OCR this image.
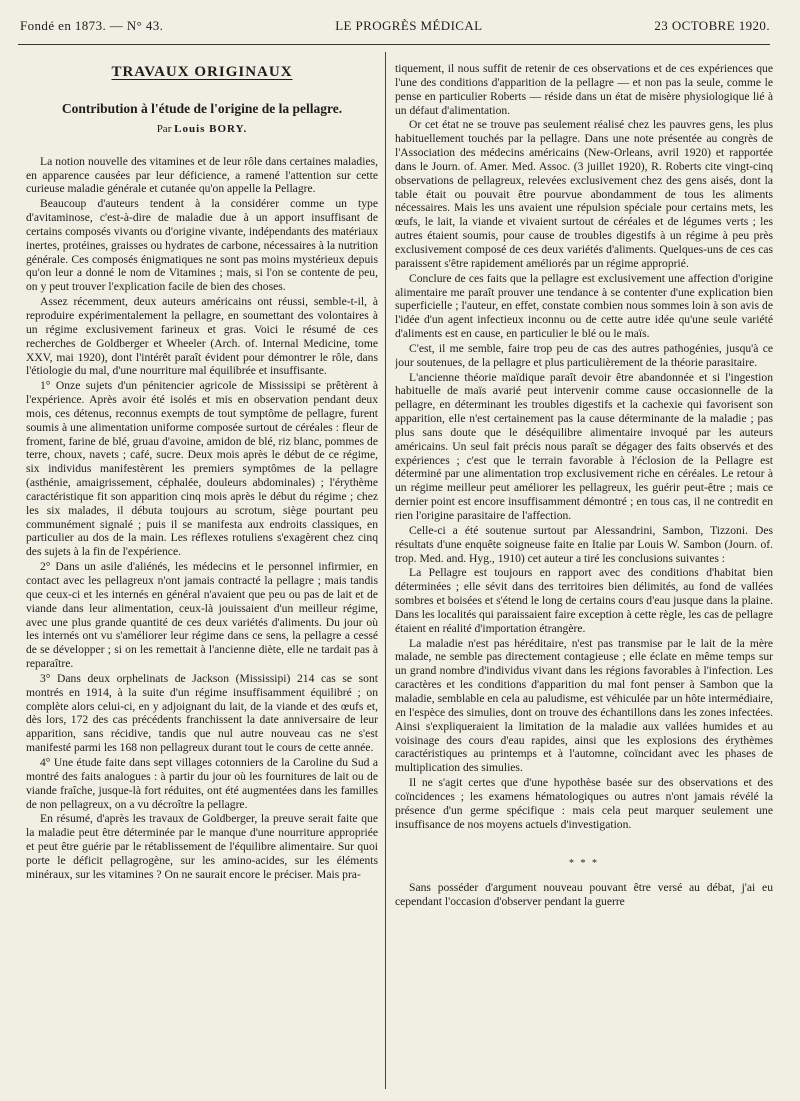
Fondé en 1873. — N° 43.	LE PROGRÈS MÉDICAL	23 OCTOBRE 1920.
TRAVAUX ORIGINAUX
Contribution à l'étude de l'origine de la pellagre.
Par Louis BORY.

La notion nouvelle des vitamines et de leur rôle dans certaines maladies, en apparence causées par leur déficience, a ramené l'attention sur cette curieuse maladie générale et cutanée qu'on appelle la Pellagre.

Beaucoup d'auteurs tendent à la considérer comme un type d'avitaminose, c'est-à-dire de maladie due à un apport insuffisant de certains composés vivants ou d'origine vivante, indépendants des matériaux inertes, protéines, graisses ou hydrates de carbone, nécessaires à la nutrition générale. Ces composés énigmatiques ne sont pas moins mystérieux depuis qu'on leur a donné le nom de Vitamines ; mais, si l'on se contente de peu, on y peut trouver l'explication facile de bien des choses.

Assez récemment, deux auteurs américains ont réussi, semble-t-il, à reproduire expérimentalement la pellagre, en soumettant des volontaires à un régime exclusivement farineux et gras. Voici le résumé de ces recherches de Goldberger et Wheeler (Arch. of. Internal Medicine, tome XXV, mai 1920), dont l'intérêt paraît évident pour démontrer le rôle, dans l'étiologie du mal, d'une nourriture mal équilibrée et insuffisante.

1° Onze sujets d'un pénitencier agricole de Mississipi se prêtèrent à l'expérience. Après avoir été isolés et mis en observation pendant deux mois, ces détenus, reconnus exempts de tout symptôme de pellagre, furent soumis à une alimentation uniforme composée surtout de céréales : fleur de froment, farine de blé, gruau d'avoine, amidon de blé, riz blanc, pommes de terre, choux, navets ; café, sucre. Deux mois après le début de ce régime, six individus manifestèrent les premiers symptômes de la pellagre (asthénie, amaigrissement, céphalée, douleurs abdominales) ; l'érythème caractéristique fit son apparition cinq mois après le début du régime ; chez les six malades, il débuta toujours au scrotum, siège pourtant peu communément signalé ; puis il se manifesta aux endroits classiques, en particulier au dos de la main. Les réflexes rotuliens s'exagèrent chez cinq des sujets à la fin de l'expérience.

2° Dans un asile d'aliénés, les médecins et le personnel infirmier, en contact avec les pellagreux n'ont jamais contracté la pellagre ; mais tandis que ceux-ci et les internés en général n'avaient que peu ou pas de lait et de viande dans leur alimentation, ceux-là jouissaient d'un meilleur régime, avec une plus grande quantité de ces deux variétés d'aliments. Du jour où les internés ont vu s'améliorer leur régime dans ce sens, la pellagre a cessé de se développer ; si on les remettait à l'ancienne diète, elle ne tardait pas à reparaître.

3° Dans deux orphelinats de Jackson (Mississipi) 214 cas se sont montrés en 1914, à la suite d'un régime insuffisamment équilibré ; on complète alors celui-ci, en y adjoignant du lait, de la viande et des œufs et, dès lors, 172 des cas précédents franchissent la date anniversaire de leur apparition, sans récidive, tandis que nul autre nouveau cas ne s'est manifesté parmi les 168 non pellagreux durant tout le cours de cette année.

4° Une étude faite dans sept villages cotonniers de la Caroline du Sud a montré des faits analogues : à partir du jour où les fournitures de lait ou de viande fraîche, jusque-là fort réduites, ont été augmentées dans les familles de non pellagreux, on a vu décroître la pellagre.

En résumé, d'après les travaux de Goldberger, la preuve serait faite que la maladie peut être déterminée par le manque d'une nourriture appropriée et peut être guérie par le rétablissement de l'équilibre alimentaire. Sur quoi porte le déficit pellagrogène, sur les amino-acides, sur les éléments minéraux, sur les vitamines ? On ne saurait encore le préciser. Mais pra-

tiquement, il nous suffit de retenir de ces observations et de ces expériences que l'une des conditions d'apparition de la pellagre — et non pas la seule, comme le pense en particulier Roberts — réside dans un état de misère physiologique lié à un défaut d'alimentation.

Or cet état ne se trouve pas seulement réalisé chez les pauvres gens, les plus habituellement touchés par la pellagre. Dans une note présentée au congrès de l'Association des médecins américains (New-Orleans, avril 1920) et rapportée dans le Journ. of. Amer. Med. Assoc. (3 juillet 1920), R. Roberts cite vingt-cinq observations de pellagreux, relevées exclusivement chez des gens aisés, dont la table était ou pouvait être pourvue abondamment de tous les aliments nécessaires. Mais les uns avaient une répulsion spéciale pour certains mets, les œufs, le lait, la viande et vivaient surtout de céréales et de légumes verts ; les autres étaient soumis, pour cause de troubles digestifs à un régime à peu près exclusivement composé de ces deux variétés d'aliments. Quelques-uns de ces cas paraissent s'être rapidement améliorés par un régime approprié.

Conclure de ces faits que la pellagre est exclusivement une affection d'origine alimentaire me paraît prouver une tendance à se contenter d'une explication bien superficielle ; l'auteur, en effet, constate combien nous sommes loin à son avis de l'idée d'un agent infectieux inconnu ou de cette autre idée qu'une seule variété d'aliments est en cause, en particulier le blé ou le maïs.

C'est, il me semble, faire trop peu de cas des autres pathogénies, jusqu'à ce jour soutenues, de la pellagre et plus particulièrement de la théorie parasitaire.

L'ancienne théorie maïdique paraît devoir être abandonnée et si l'ingestion habituelle de maïs avarié peut intervenir comme cause occasionnelle de la pellagre, en déterminant les troubles digestifs et la cachexie qui favorisent son apparition, elle n'est certainement pas la cause déterminante de la maladie ; pas plus sans doute que le déséquilibre alimentaire invoqué par les auteurs américains. Un seul fait précis nous paraît se dégager des faits observés et des expériences ; c'est que le terrain favorable à l'éclosion de la Pellagre est déterminé par une alimentation trop exclusivement riche en céréales. Le retour à un régime meilleur peut améliorer les pellagreux, les guérir peut-être ; mais ce dernier point est encore insuffisamment démontré ; en tous cas, il ne contredit en rien l'origine parasitaire de l'affection.

Celle-ci a été soutenue surtout par Alessandrini, Sambon, Tizzoni. Des résultats d'une enquête soigneuse faite en Italie par Louis W. Sambon (Journ. of. trop. Med. and. Hyg., 1910) cet auteur a tiré les conclusions suivantes :

La Pellagre est toujours en rapport avec des conditions d'habitat bien déterminées ; elle sévit dans des territoires bien délimités, au fond de vallées sombres et boisées et s'étend le long de certains cours d'eau jusque dans la plaine. Dans les localités qui paraissaient faire exception à cette règle, les cas de pellagre étaient en réalité d'importation étrangère.

La maladie n'est pas héréditaire, n'est pas transmise par le lait de la mère malade, ne semble pas directement contagieuse ; elle éclate en même temps sur un grand nombre d'individus vivant dans les régions favorables à l'infection. Les caractères et les conditions d'apparition du mal font penser à Sambon que la maladie, semblable en cela au paludisme, est véhiculée par un hôte intermédiaire, en l'espèce des simulies, dont on trouve des échantillons dans les zones infectées. Ainsi s'expliqueraient la limitation de la maladie aux vallées humides et au voisinage des cours d'eau rapides, ainsi que les explosions des érythèmes caractéristiques au printemps et à l'automne, coïncidant avec les phases de multiplication des simulies.

Il ne s'agit certes que d'une hypothèse basée sur des observations et des coïncidences ; les examens hématologiques ou autres n'ont jamais révélé la présence d'un germe spécifique : mais cela peut marquer seulement une insuffisance de nos moyens actuels d'investigation.

* * *

Sans posséder d'argument nouveau pouvant être versé au débat, j'ai eu cependant l'occasion d'observer pendant la guerre
